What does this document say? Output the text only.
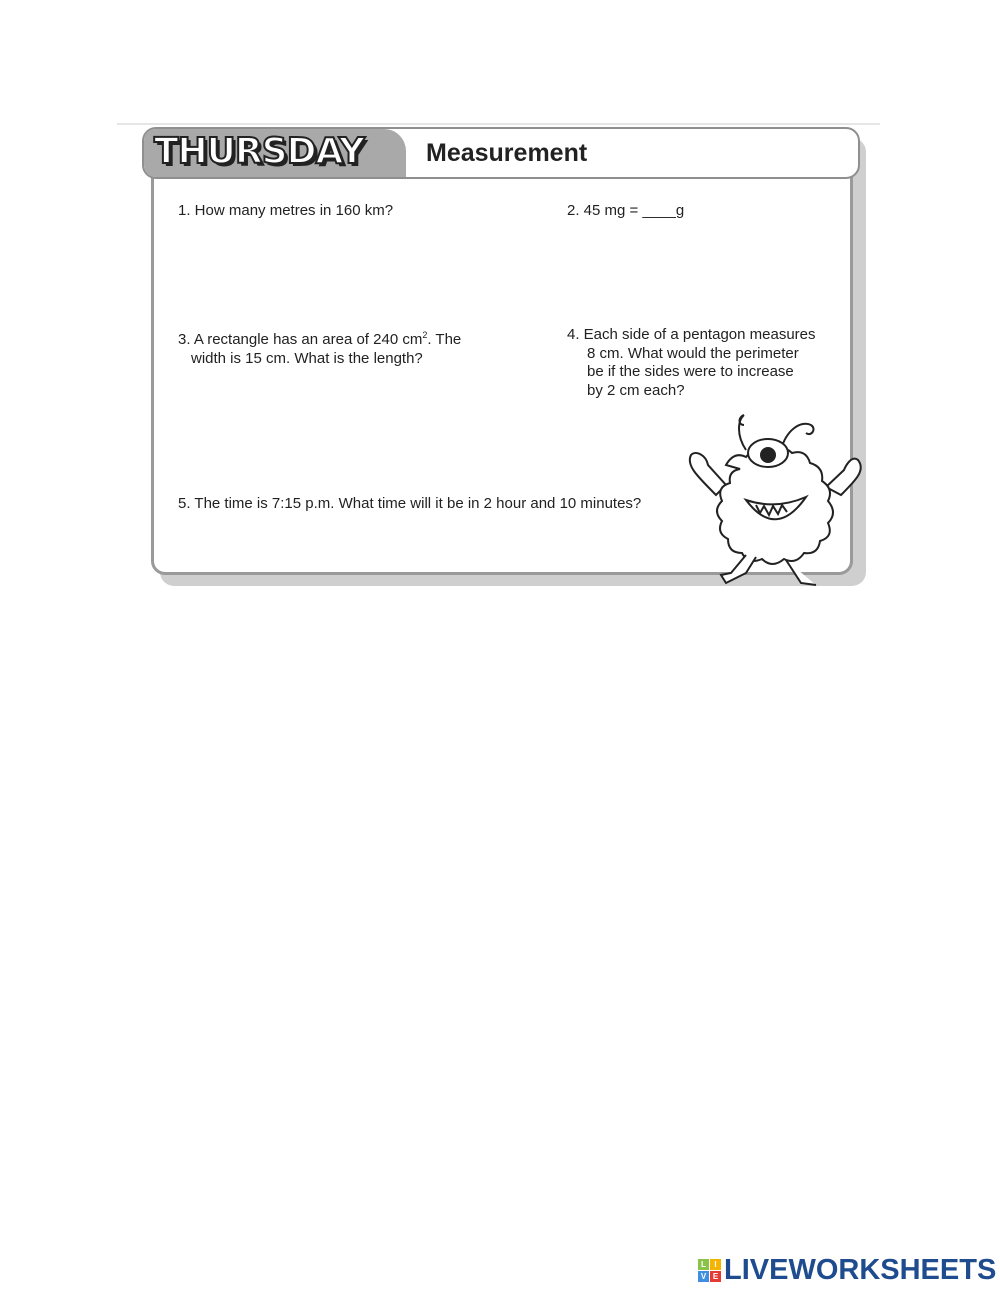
THURSDAY Measurement
1. How many metres in 160 km?	2. 45 mg = ____g
3. A rectangle has an area of 240 $cm^2$. The
width is 15 cm. What is the length?
4. Each side of a pentagon measures
8 cm. What would the perimeter
be if the sides were to increase
by 2 cm each?
5. The time is 7:15 p.m. What time will it be in 2 hour and 10 minutes?
L	I
V E LIVEWORKSHEETS
